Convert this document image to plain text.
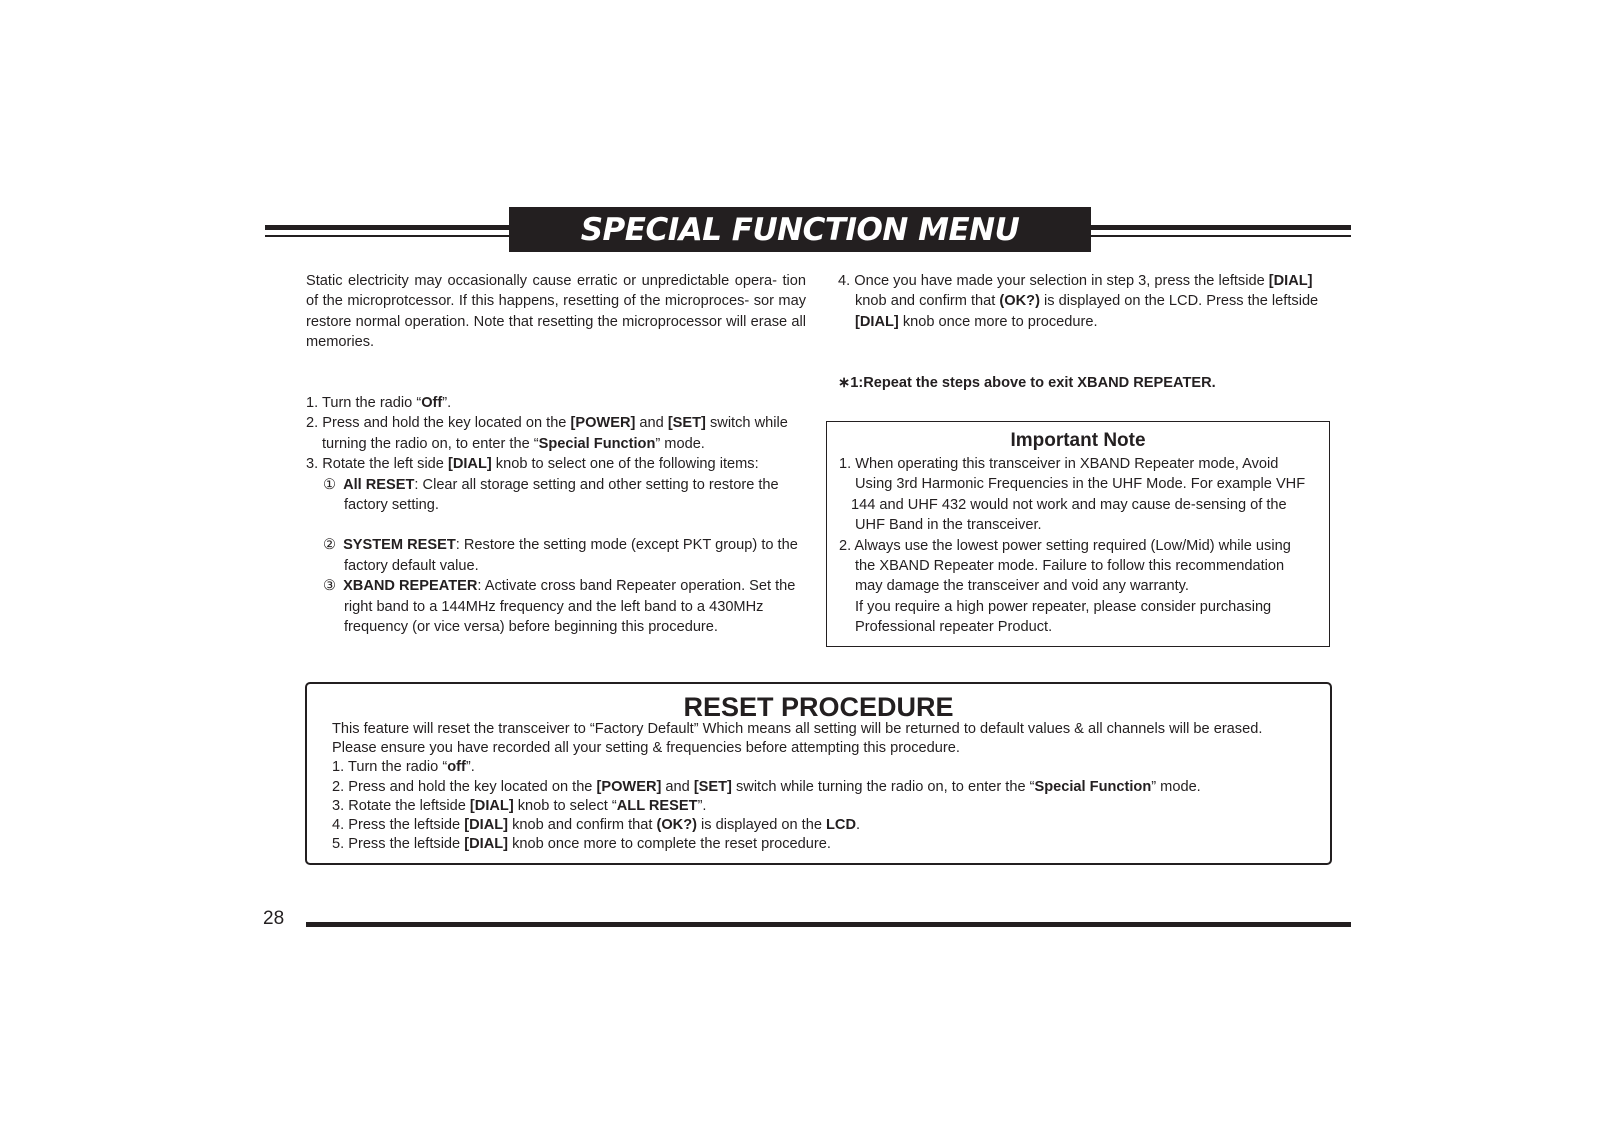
SPECIAL FUNCTION MENU
Static electricity may occasionally cause erratic or unpredictable opera- tion of the microprotcessor. If this happens, resetting of the microproces- sor may restore normal operation. Note that resetting the microprocessor will erase all memories.
1. Turn the radio “Off”.
2. Press and hold the key located on the [POWER] and [SET] switch while turning the radio on, to enter the “Special Function” mode.
3. Rotate the left side [DIAL] knob to select one of the following items:
① All RESET: Clear all storage setting and other setting to restore the factory setting.
② SYSTEM RESET: Restore the setting mode (except PKT group) to the factory default value.
③ XBAND REPEATER: Activate cross band Repeater operation. Set the right band to a 144MHz frequency and the left band to a 430MHz frequency (or vice versa) before beginning this procedure.
4. Once you have made your selection in step 3, press the leftside [DIAL] knob and confirm that (OK?) is displayed on the LCD. Press the leftside [DIAL] knob once more to procedure.
∗1:Repeat the steps above to exit XBAND REPEATER.
Important Note
1. When operating this transceiver in XBAND Repeater mode, Avoid
Using 3rd Harmonic Frequencies in the UHF Mode. For example VHF
144 and UHF 432 would not work and may cause de-sensing of the
UHF Band in the transceiver.
2. Always use the lowest power setting required (Low/Mid) while using
the XBAND Repeater mode. Failure to follow this recommendation
may damage the transceiver and void any warranty.
If you require a high power repeater, please consider purchasing
Professional repeater Product.
RESET PROCEDURE
This feature will reset the transceiver to “Factory Default” Which means all setting will be returned to default values & all channels will be erased.
Please ensure you have recorded all your setting & frequencies before attempting this procedure.
1. Turn the radio “off”.
2. Press and hold the key located on the [POWER] and [SET] switch while turning the radio on, to enter the “Special Function” mode.
3. Rotate the leftside [DIAL] knob to select “ALL RESET”.
4. Press the leftside [DIAL] knob and confirm that (OK?) is displayed on the LCD.
5. Press the leftside [DIAL] knob once more to complete the reset procedure.
28
